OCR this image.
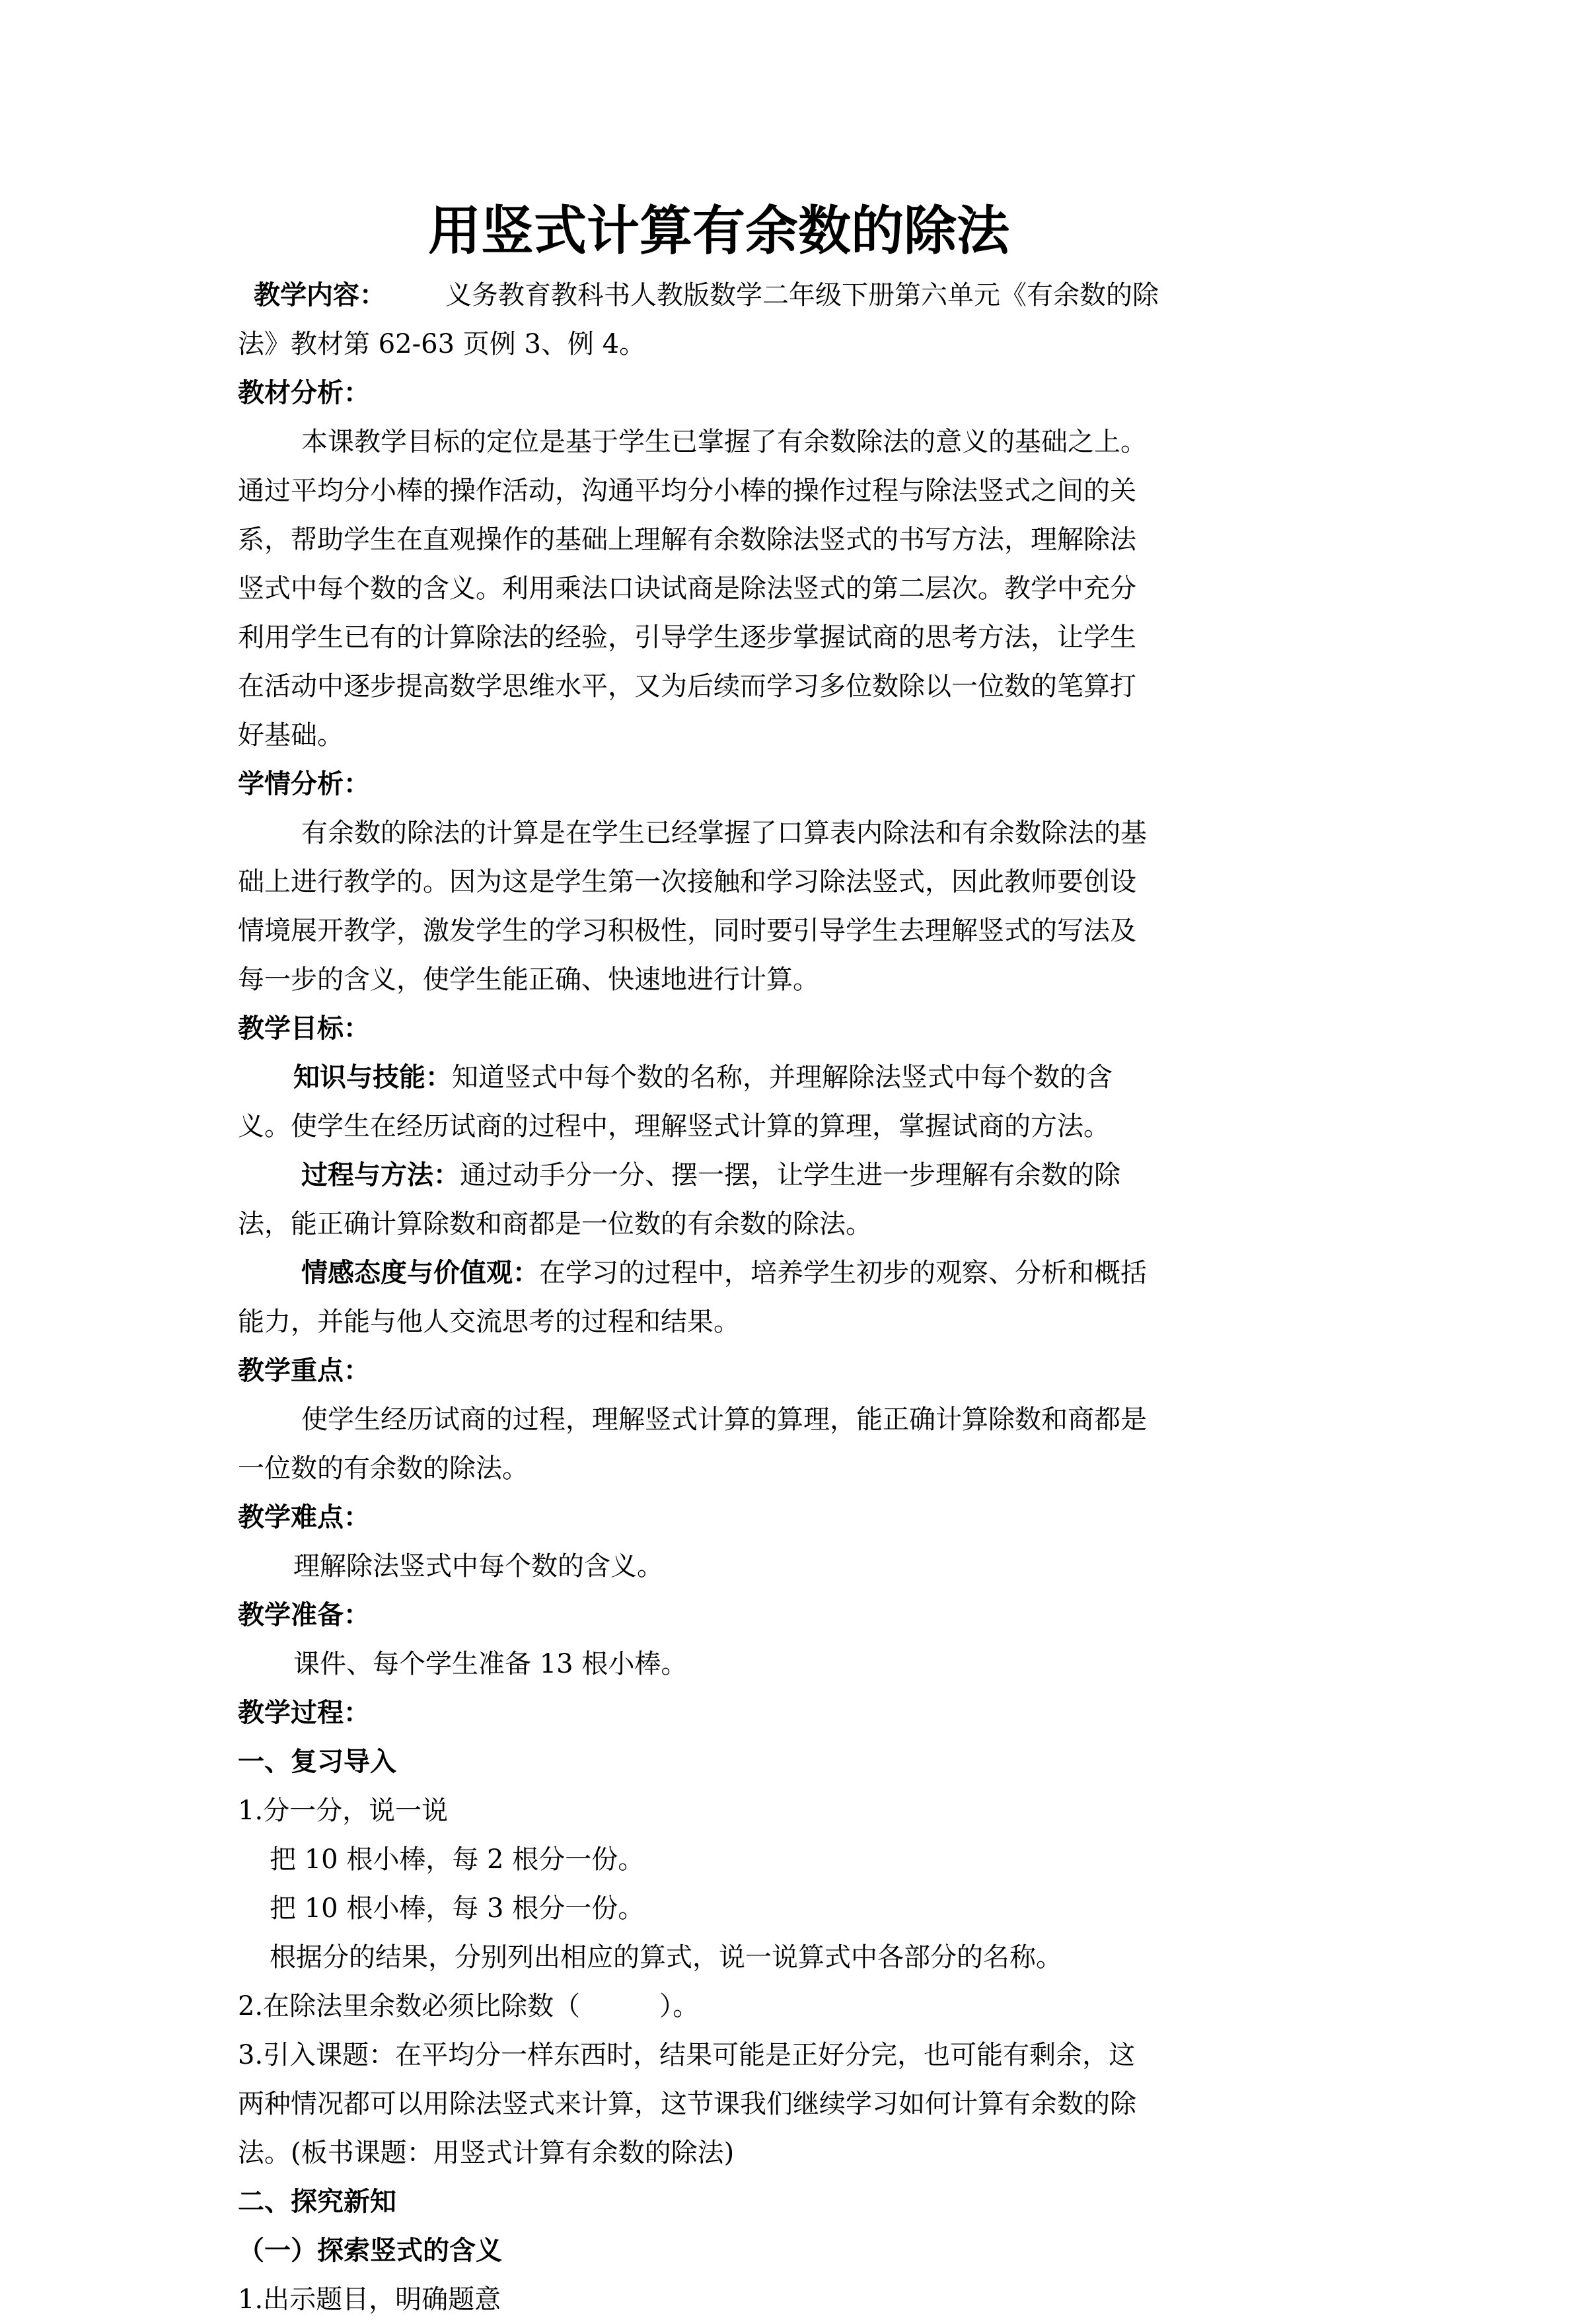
用竖式计算有余数的除法
教学内容： 义务教育教科书人教版数学二年级下册第六单元《有余数的除
法》教材第 62-63 页例 3、例 4。
教材分析：
本课教学目标的定位是基于学生已掌握了有余数除法的意义的基础之上。
通过平均分小棒的操作活动，沟通平均分小棒的操作过程与除法竖式之间的关
系，帮助学生在直观操作的基础上理解有余数除法竖式的书写方法，理解除法
竖式中每个数的含义。利用乘法口诀试商是除法竖式的第二层次。教学中充分
利用学生已有的计算除法的经验，引导学生逐步掌握试商的思考方法，让学生
在活动中逐步提高数学思维水平，又为后续而学习多位数除以一位数的笔算打
好基础。
学情分析：
有余数的除法的计算是在学生已经掌握了口算表内除法和有余数除法的基
础上进行教学的。因为这是学生第一次接触和学习除法竖式，因此教师要创设
情境展开教学，激发学生的学习积极性，同时要引导学生去理解竖式的写法及
每一步的含义，使学生能正确、快速地进行计算。
教学目标：
知识与技能：知道竖式中每个数的名称，并理解除法竖式中每个数的含
义。使学生在经历试商的过程中，理解竖式计算的算理，掌握试商的方法。
过程与方法：通过动手分一分、摆一摆，让学生进一步理解有余数的除
法，能正确计算除数和商都是一位数的有余数的除法。
情感态度与价值观：在学习的过程中，培养学生初步的观察、分析和概括
能力，并能与他人交流思考的过程和结果。
教学重点：
使学生经历试商的过程，理解竖式计算的算理，能正确计算除数和商都是
一位数的有余数的除法。
教学难点：
理解除法竖式中每个数的含义。
教学准备：
课件、每个学生准备 13 根小棒。
教学过程：
一、复习导入
1.分一分，说一说
把 10 根小棒，每 2 根分一份。
把 10 根小棒，每 3 根分一份。
根据分的结果，分别列出相应的算式，说一说算式中各部分的名称。
2.在除法里余数必须比除数（　　　）。
3.引入课题：在平均分一样东西时，结果可能是正好分完，也可能有剩余，这
两种情况都可以用除法竖式来计算，这节课我们继续学习如何计算有余数的除
法。(板书课题：用竖式计算有余数的除法)
二、探究新知
（一）探索竖式的含义
1.出示题目，明确题意
